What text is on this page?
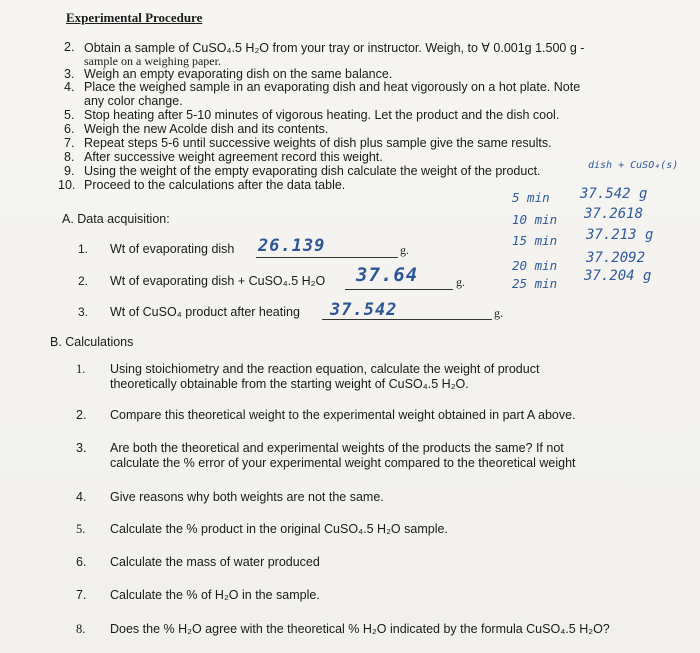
Experimental Procedure
2. Obtain a sample of CuSO₄.5 H₂O from your tray or instructor. Weigh, to ∀ 0.001g 1.500 g -
sample on a weighing paper.
3. Weigh an empty evaporating dish on the same balance.
4. Place the weighed sample in an evaporating dish and heat vigorously on a hot plate. Note
any color change.
5. Stop heating after 5-10 minutes of vigorous heating. Let the product and the dish cool.
6. Weigh the new Acolde dish and its contents.
7. Repeat steps 5-6 until successive weights of dish plus sample give the same results.
8. After successive weight agreement record this weight.
9. Using the weight of the empty evaporating dish calculate the weight of the product.
10. Proceed to the calculations after the data table.
dish + CuSO₄(s)
A. Data acquisition:
1. Wt of evaporating dish 26.139	g.
2. Wt of evaporating dish + CuSO₄.5 H₂O 37.64	g.
3. Wt of CuSO₄ product after heating 37.542	g.
5 min 37.542 g
10 min 37.2618
15 min 37.213 g
20 min 37.2092
25 min 37.204 g
B. Calculations
1. Using stoichiometry and the reaction equation, calculate the weight of product
theoretically obtainable from the starting weight of CuSO₄.5 H₂O.
2. Compare this theoretical weight to the experimental weight obtained in part A above.
3. Are both the theoretical and experimental weights of the products the same? If not
calculate the % error of your experimental weight compared to the theoretical weight
4. Give reasons why both weights are not the same.
5. Calculate the % product in the original CuSO₄.5 H₂O sample.
6. Calculate the mass of water produced
7. Calculate the % of H₂O in the sample.
8. Does the % H₂O agree with the theoretical % H₂O indicated by the formula CuSO₄.5 H₂O?
